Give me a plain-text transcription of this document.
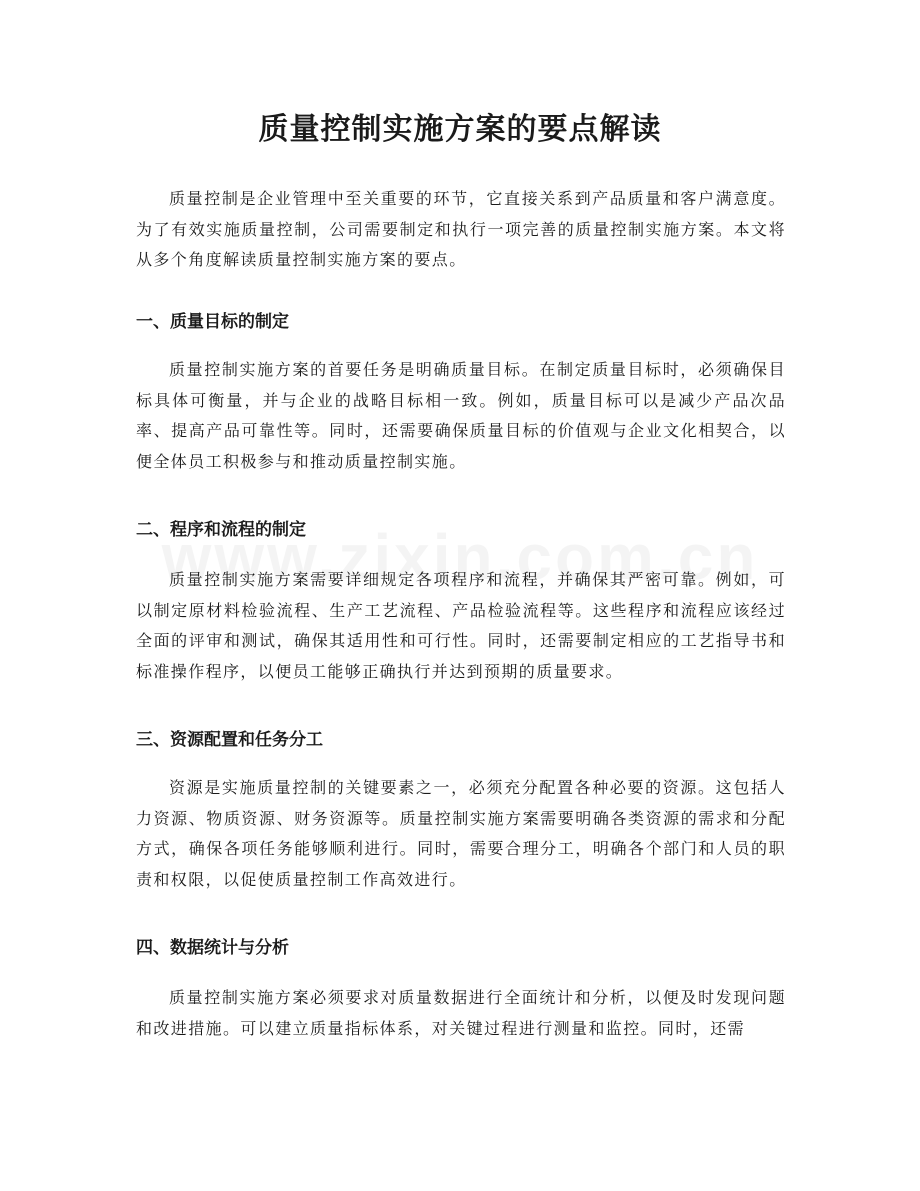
质量控制实施方案的要点解读

质量控制是企业管理中至关重要的环节，它直接关系到产品质量和客户满意度。为了有效实施质量控制，公司需要制定和执行一项完善的质量控制实施方案。本文将从多个角度解读质量控制实施方案的要点。

一、质量目标的制定

质量控制实施方案的首要任务是明确质量目标。在制定质量目标时，必须确保目标具体可衡量，并与企业的战略目标相一致。例如，质量目标可以是减少产品次品率、提高产品可靠性等。同时，还需要确保质量目标的价值观与企业文化相契合，以便全体员工积极参与和推动质量控制实施。

二、程序和流程的制定

质量控制实施方案需要详细规定各项程序和流程，并确保其严密可靠。例如，可以制定原材料检验流程、生产工艺流程、产品检验流程等。这些程序和流程应该经过全面的评审和测试，确保其适用性和可行性。同时，还需要制定相应的工艺指导书和标准操作程序，以便员工能够正确执行并达到预期的质量要求。

三、资源配置和任务分工

资源是实施质量控制的关键要素之一，必须充分配置各种必要的资源。这包括人力资源、物质资源、财务资源等。质量控制实施方案需要明确各类资源的需求和分配方式，确保各项任务能够顺利进行。同时，需要合理分工，明确各个部门和人员的职责和权限，以促使质量控制工作高效进行。

四、数据统计与分析

质量控制实施方案必须要求对质量数据进行全面统计和分析，以便及时发现问题和改进措施。可以建立质量指标体系，对关键过程进行测量和监控。同时，还需
